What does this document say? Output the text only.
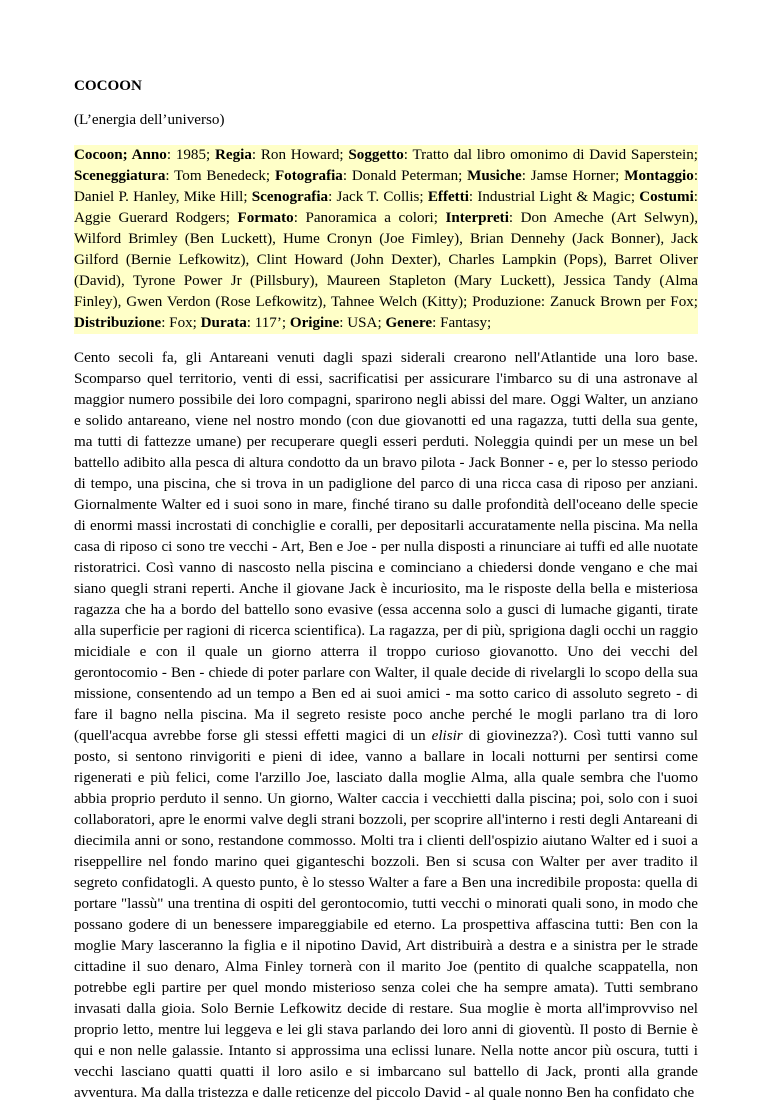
COCOON
(L’energia dell’universo)
Cocoon; Anno: 1985; Regia: Ron Howard; Soggetto: Tratto dal libro omonimo di David Saperstein; Sceneggiatura: Tom Benedeck; Fotografia: Donald Peterman; Musiche: Jamse Horner; Montaggio: Daniel P. Hanley, Mike Hill; Scenografia: Jack T. Collis; Effetti: Industrial Light & Magic; Costumi: Aggie Guerard Rodgers; Formato: Panoramica a colori; Interpreti: Don Ameche (Art Selwyn), Wilford Brimley (Ben Luckett), Hume Cronyn (Joe Fimley), Brian Dennehy (Jack Bonner), Jack Gilford (Bernie Lefkowitz), Clint Howard (John Dexter), Charles Lampkin (Pops), Barret Oliver (David), Tyrone Power Jr (Pillsbury), Maureen Stapleton (Mary Luckett), Jessica Tandy (Alma Finley), Gwen Verdon (Rose Lefkowitz), Tahnee Welch (Kitty); Produzione: Zanuck Brown per Fox; Distribuzione: Fox; Durata: 117’; Origine: USA; Genere: Fantasy;
Cento secoli fa, gli Antareani venuti dagli spazi siderali crearono nell'Atlantide una loro base. Scomparso quel territorio, venti di essi, sacrificatisi per assicurare l'imbarco su di una astronave al maggior numero possibile dei loro compagni, sparirono negli abissi del mare. Oggi Walter, un anziano e solido antareano, viene nel nostro mondo (con due giovanotti ed una ragazza, tutti della sua gente, ma tutti di fattezze umane) per recuperare quegli esseri perduti. Noleggia quindi per un mese un bel battello adibito alla pesca di altura condotto da un bravo pilota - Jack Bonner - e, per lo stesso periodo di tempo, una piscina, che si trova in un padiglione del parco di una ricca casa di riposo per anziani. Giornalmente Walter ed i suoi sono in mare, finché tirano su dalle profondità dell'oceano delle specie di enormi massi incrostati di conchiglie e coralli, per depositarli accuratamente nella piscina. Ma nella casa di riposo ci sono tre vecchi - Art, Ben e Joe - per nulla disposti a rinunciare ai tuffi ed alle nuotate ristoratrici. Così vanno di nascosto nella piscina e cominciano a chiedersi donde vengano e che mai siano quegli strani reperti. Anche il giovane Jack è incuriosito, ma le risposte della bella e misteriosa ragazza che ha a bordo del battello sono evasive (essa accenna solo a gusci di lumache giganti, tirate alla superficie per ragioni di ricerca scientifica). La ragazza, per di più, sprigiona dagli occhi un raggio micidiale e con il quale un giorno atterra il troppo curioso giovanotto. Uno dei vecchi del gerontocomio - Ben - chiede di poter parlare con Walter, il quale decide di rivelargli lo scopo della sua missione, consentendo ad un tempo a Ben ed ai suoi amici - ma sotto carico di assoluto segreto - di fare il bagno nella piscina. Ma il segreto resiste poco anche perché le mogli parlano tra di loro (quell'acqua avrebbe forse gli stessi effetti magici di un elisir di giovinezza?). Così tutti vanno sul posto, si sentono rinvigoriti e pieni di idee, vanno a ballare in locali notturni per sentirsi come rigenerati e più felici, come l'arzillo Joe, lasciato dalla moglie Alma, alla quale sembra che l'uomo abbia proprio perduto il senno. Un giorno, Walter caccia i vecchietti dalla piscina; poi, solo con i suoi collaboratori, apre le enormi valve degli strani bozzoli, per scoprire all'interno i resti degli Antareani di diecimila anni or sono, restandone commosso. Molti tra i clienti dell'ospizio aiutano Walter ed i suoi a riseppellire nel fondo marino quei giganteschi bozzoli. Ben si scusa con Walter per aver tradito il segreto confidatogli. A questo punto, è lo stesso Walter a fare a Ben una incredibile proposta: quella di portare "lassù" una trentina di ospiti del gerontocomio, tutti vecchi o minorati quali sono, in modo che possano godere di un benessere impareggiabile ed eterno. La prospettiva affascina tutti: Ben con la moglie Mary lasceranno la figlia e il nipotino David, Art distribuirà a destra e a sinistra per le strade cittadine il suo denaro, Alma Finley tornerà con il marito Joe (pentito di qualche scappatella, non potrebbe egli partire per quel mondo misterioso senza colei che ha sempre amata). Tutti sembrano invasati dalla gioia. Solo Bernie Lefkowitz decide di restare. Sua moglie è morta all'improvviso nel proprio letto, mentre lui leggeva e lei gli stava parlando dei loro anni di gioventù. Il posto di Bernie è qui e non nelle galassie. Intanto si approssima una eclissi lunare. Nella notte ancor più oscura, tutti i vecchi lasciano quatti quatti il loro asilo e si imbarcano sul battello di Jack, pronti alla grande avventura. Ma dalla tristezza e dalle reticenze del piccolo David - al quale nonno Ben ha confidato che
